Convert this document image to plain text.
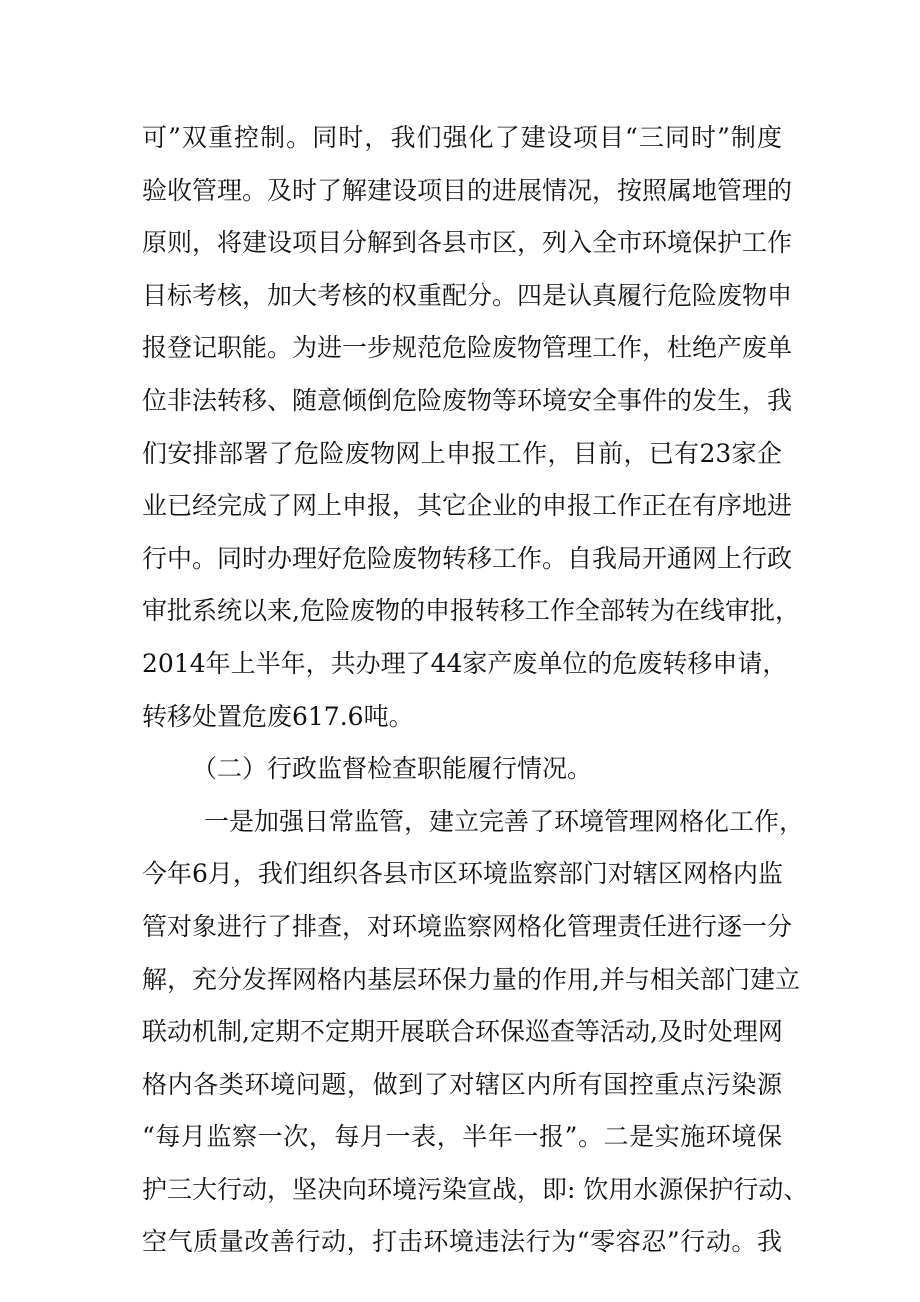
可”双重控制。同时，我们强化了建设项目“三同时”制度
验收管理。及时了解建设项目的进展情况，按照属地管理的
原则，将建设项目分解到各县市区，列入全市环境保护工作
目标考核，加大考核的权重配分。四是认真履行危险废物申
报登记职能。为进一步规范危险废物管理工作，杜绝产废单
位非法转移、随意倾倒危险废物等环境安全事件的发生，我
们安排部署了危险废物网上申报工作，目前，已有23家企
业已经完成了网上申报，其它企业的申报工作正在有序地进
行中。同时办理好危险废物转移工作。自我局开通网上行政
审批系统以来,危险废物的申报转移工作全部转为在线审批，
2014年上半年，共办理了44家产废单位的危废转移申请，
转移处置危废617.6吨。
（二）行政监督检查职能履行情况。
一是加强日常监管，建立完善了环境管理网格化工作，
今年6月，我们组织各县市区环境监察部门对辖区网格内监
管对象进行了排查，对环境监察网格化管理责任进行逐一分
解，充分发挥网格内基层环保力量的作用,并与相关部门建立
联动机制,定期不定期开展联合环保巡查等活动,及时处理网
格内各类环境问题，做到了对辖区内所有国控重点污染源
“每月监察一次，每月一表，半年一报”。二是实施环境保
护三大行动，坚决向环境污染宣战，即: 饮用水源保护行动、
空气质量改善行动，打击环境违法行为“零容忍”行动。我
